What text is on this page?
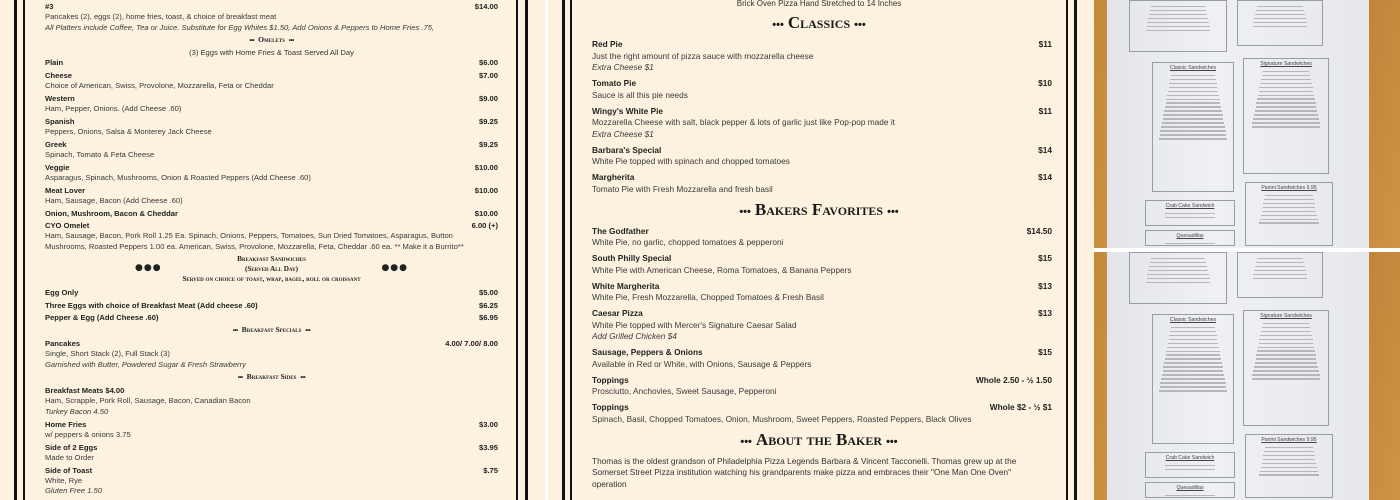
#3	$14.00
Pancakes (2), eggs (2), home fries, toast, & choice of breakfast meat
All Platters include Coffee, Tea or Juice. Substitute for Egg Whites $1.50, Add Onions & Peppers to Home Fries .75,
••• Omelets •••
(3) Eggs with Home Fries & Toast Served All Day
Plain	$6.00
Cheese	$7.00
Choice of American, Swiss, Provolone, Mozzarella, Feta or Cheddar
Western	$9.00
Ham, Pepper, Onions. (Add Cheese .60)
Spanish	$9.25
Peppers, Onions, Salsa & Monterey Jack Cheese
Greek	$9.25
Spinach, Tomato & Feta Cheese
Veggie	$10.00
Asparagus, Spinach, Mushrooms, Onion & Roasted Peppers (Add Cheese .60)
Meat Lover	$10.00
Ham, Sausage, Bacon (Add Cheese .60)
Onion, Mushroom, Bacon & Cheddar	$10.00
CYO Omelet	6.00 (+)
Ham, Sausage, Bacon, Pork Roll 1.25 Ea. Spinach, Onions, Peppers, Tomatoes, Sun Dried Tomatoes, Asparagus, Button
Mushrooms, Roasted Peppers 1.00 ea. American, Swiss, Provolone, Mozzarella, Feta, Cheddar .60 ea. ** Make it a Burrito**
Breakfast Sandwiches
(Served All Day)
Served on choice of toast, wrap, bagel, roll or croissant
●●●	●●●
Egg Only	$5.00
Three Eggs with choice of Breakfast Meat (Add cheese .60)	$6.25
Pepper & Egg (Add Cheese .60)	$6.95
••• Breakfast Specials •••
Pancakes	4.00/ 7.00/ 8.00
Single, Short Stack (2), Full Stack (3)
Garnished with Butter, Powdered Sugar & Fresh Strawberry
••• Breakfast Sides •••
Breakfast Meats $4.00
Ham, Scrapple, Pork Roll, Sausage, Bacon, Canadian Bacon
Turkey Bacon 4.50
Home Fries	$3.00
w/ peppers & onions 3.75
Side of 2 Eggs	$3.95
Made to Order
Side of Toast	$.75
White, Rye
Gluten Free 1.50
Brick Oven Pizza Hand Stretched to 14 Inches
••• Classics •••
Red Pie	$11
Just the right amount of pizza sauce with mozzarella cheese
Extra Cheese $1
Tomato Pie	$10
Sauce is all this pie needs
Wingy's White Pie	$11
Mozzarella Cheese with salt, black pepper & lots of garlic just like Pop-pop made it
Extra Cheese $1
Barbara's Special	$14
White Pie topped with spinach and chopped tomatoes
Margherita	$14
Tomato Pie with Fresh Mozzarella and fresh basil
••• Bakers Favorites •••
The Godfather	$14.50
White Pie, no garlic, chopped tomatoes & pepperoni
South Philly Special	$15
White Pie with American Cheese, Roma Tomatoes, & Banana Peppers
White Margherita	$13
White Pie, Fresh Mozzarella, Chopped Tomatoes & Fresh Basil
Caesar Pizza	$13
White Pie topped with Mercer's Signature Caesar Salad
Add Grilled Chicken $4
Sausage, Peppers & Onions	$15
Available in Red or White, with Onions, Sausage & Peppers
Toppings	Whole 2.50 - ½ 1.50
Prosciutto, Anchovies, Sweet Sausage, Pepperoni
Toppings	Whole $2 - ½ $1
Spinach, Basil, Chopped Tomatoes, Onion, Mushroom, Sweet Peppers, Roasted Peppers, Black Olives
••• About the Baker •••
Thomas is the oldest grandson of Philadelphia Pizza Legends Barbara & Vincent Tacconelli. Thomas grew up at the Somerset Street Pizza institution watching his grandparents make pizza and embraces their "One Man One Oven" operation
Classic Sandwiches
Signature Sandwiches
Crab Cake Sandwich
Panini Sandwiches 9.95
Quesadillas
Classic Sandwiches
Signature Sandwiches
Crab Cake Sandwich
Panini Sandwiches 9.95
Quesadillas
